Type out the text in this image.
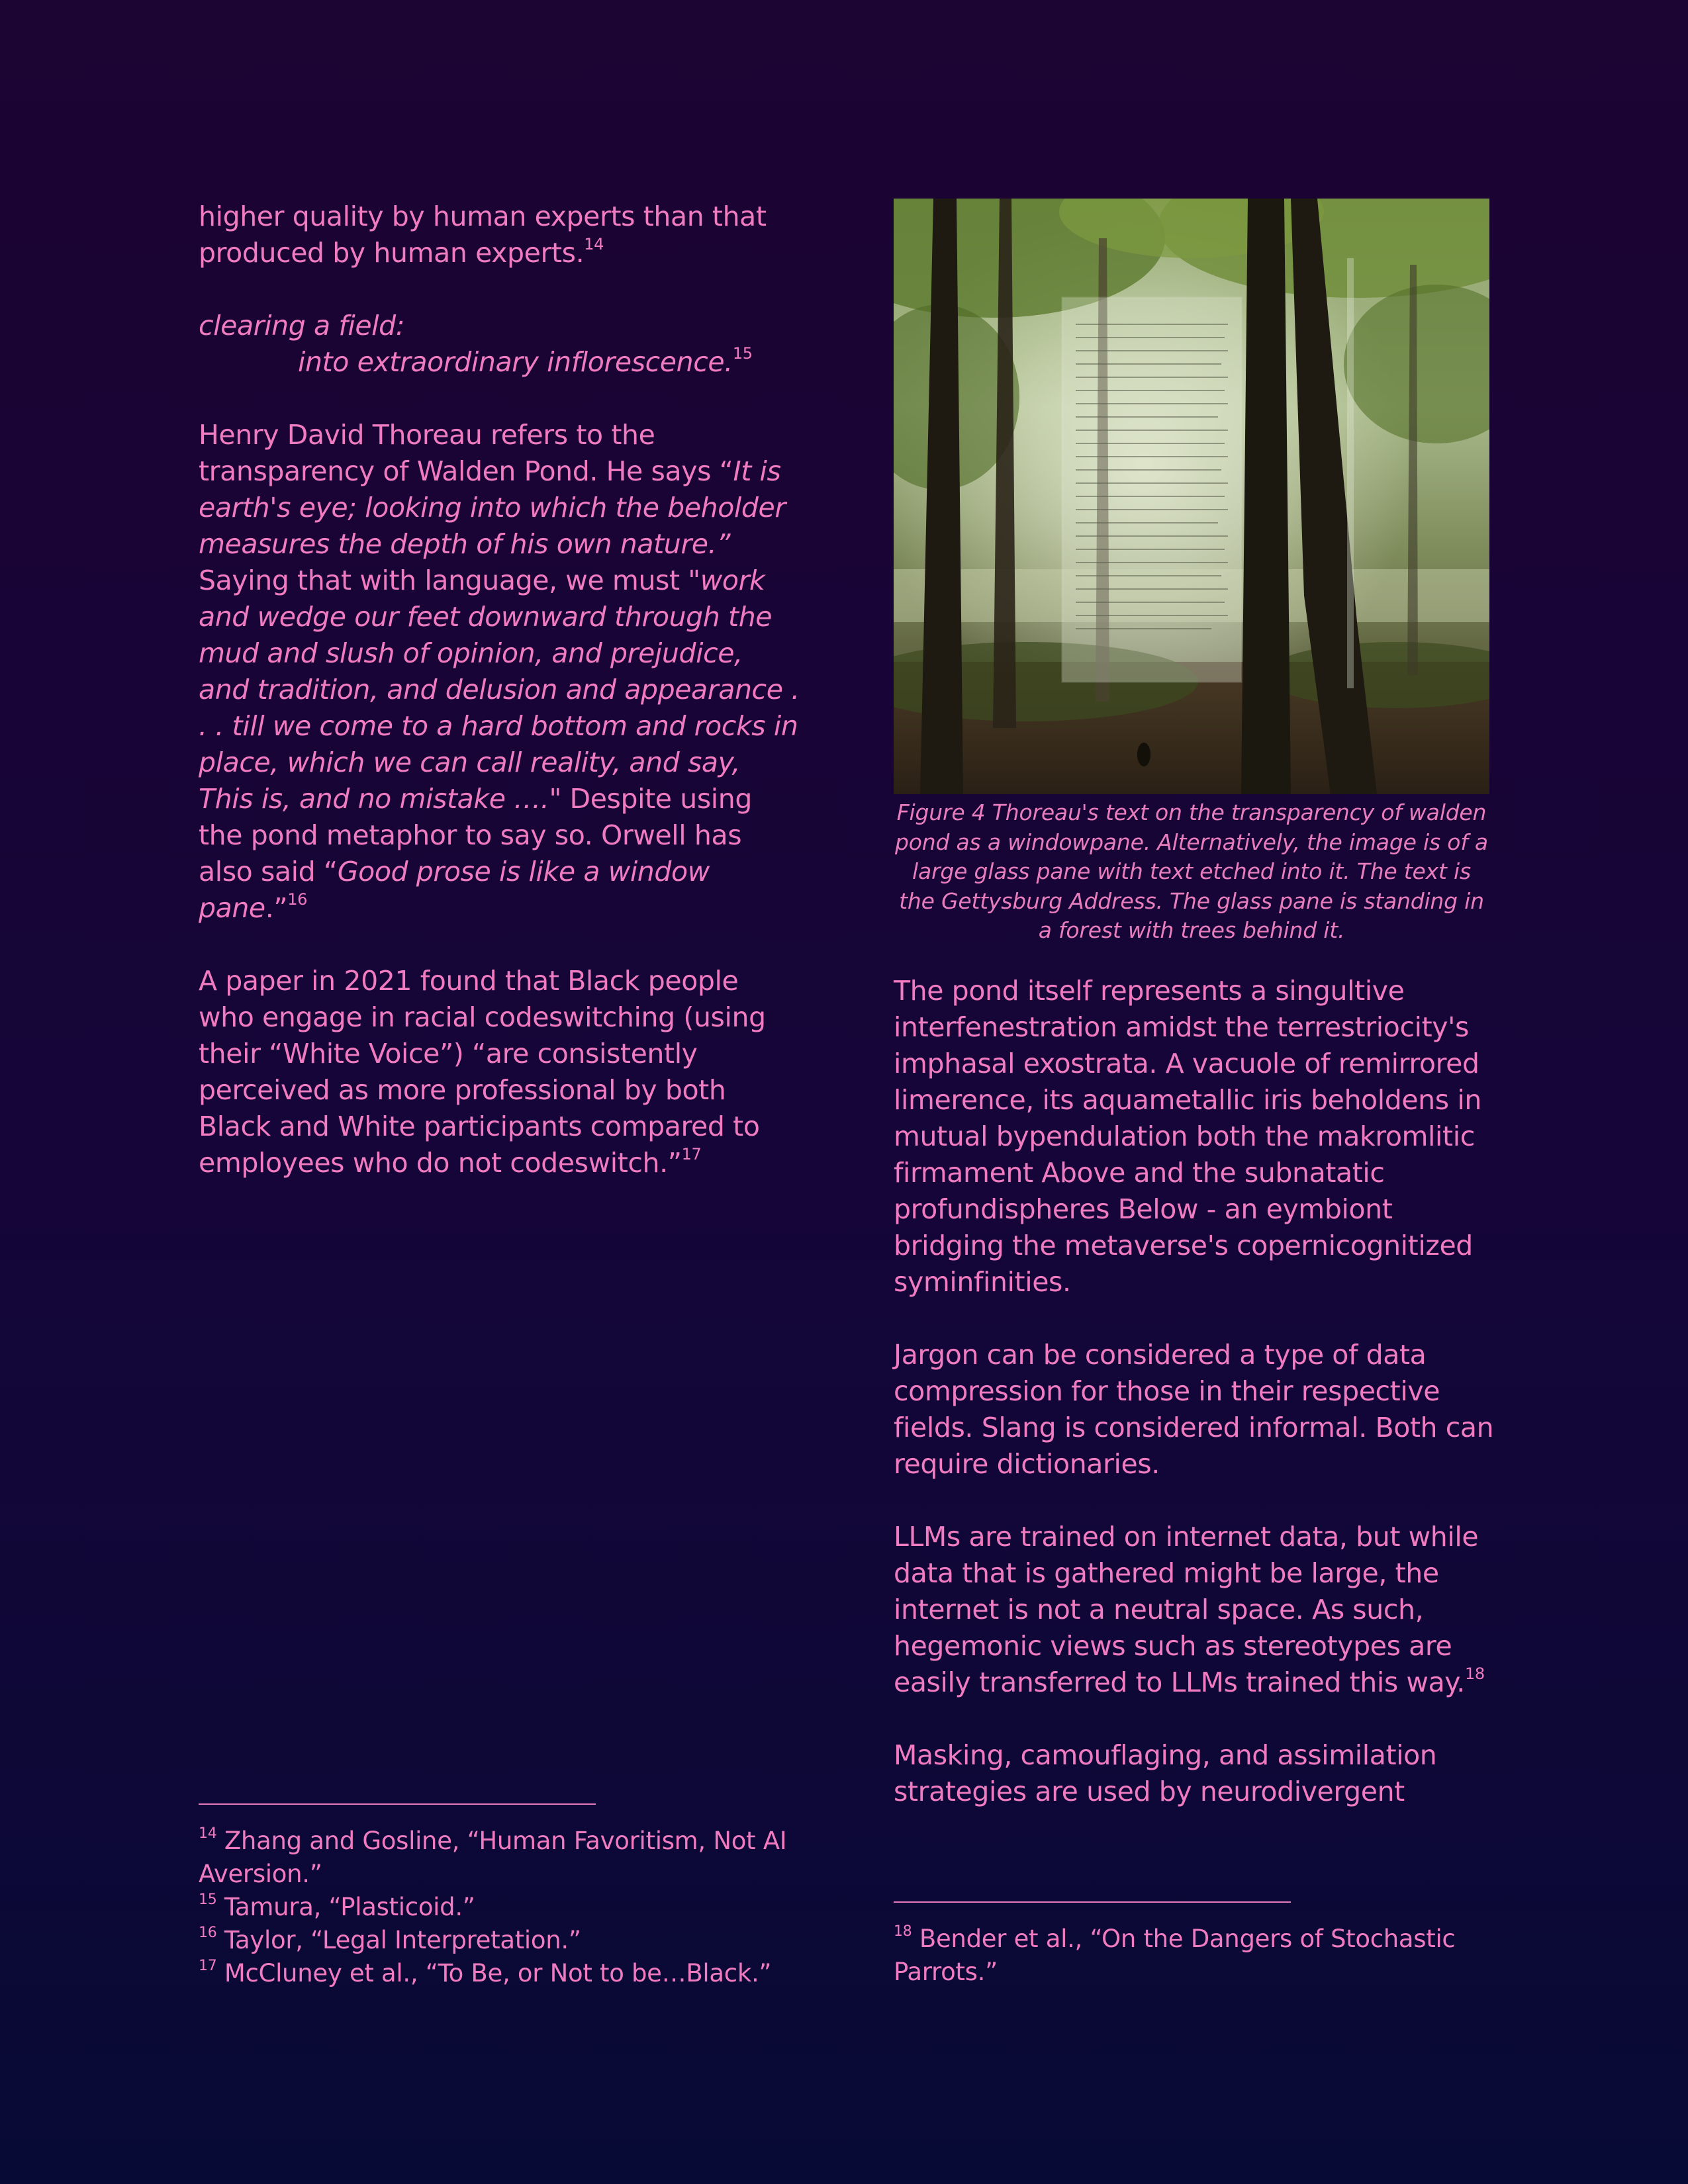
higher quality by human experts than that produced by human experts.$^{14}$

clearing a field:

into extraordinary inflorescence.$^{15}$

Henry David Thoreau refers to the transparency of Walden Pond. He says “It is earth's eye; looking into which the beholder measures the depth of his own nature.” Saying that with language, we must "work and wedge our feet downward through the mud and slush of opinion, and prejudice, and tradition, and delusion and appearance . . . till we come to a hard bottom and rocks in place, which we can call reality, and say, This is, and no mistake …." Despite using the pond metaphor to say so. Orwell has also said “Good prose is like a window pane.”$^{16}$

A paper in 2021 found that Black people who engage in racial codeswitching (using their “White Voice”) “are consistently perceived as more professional by both Black and White participants compared to employees who do not codeswitch.”$^{17}$

$^{14}$ Zhang and Gosline, “Human Favoritism, Not AI Aversion.”
$^{15}$ Tamura, “Plasticoid.”
$^{16}$ Taylor, “Legal Interpretation.”
$^{17}$ McCluney et al., “To Be, or Not to be…Black.”
Figure 4 Thoreau's text on the transparency of walden pond as a windowpane. Alternatively, the image is of a large glass pane with text etched into it. The text is the Gettysburg Address. The glass pane is standing in a forest with trees behind it.

The pond itself represents a singultive interfenestration amidst the terrestriocity's imphasal exostrata. A vacuole of remirrored limerence, its aquametallic iris beholdens in mutual bypendulation both the makromlitic firmament Above and the subnatatic profundispheres Below - an eymbiont bridging the metaverse's copernicognitized syminfinities.

Jargon can be considered a type of data compression for those in their respective fields. Slang is considered informal. Both can require dictionaries.

LLMs are trained on internet data, but while data that is gathered might be large, the internet is not a neutral space. As such, hegemonic views such as stereotypes are easily transferred to LLMs trained this way.$^{18}$

Masking, camouflaging, and assimilation strategies are used by neurodivergent

$^{18}$ Bender et al., “On the Dangers of Stochastic Parrots.”
